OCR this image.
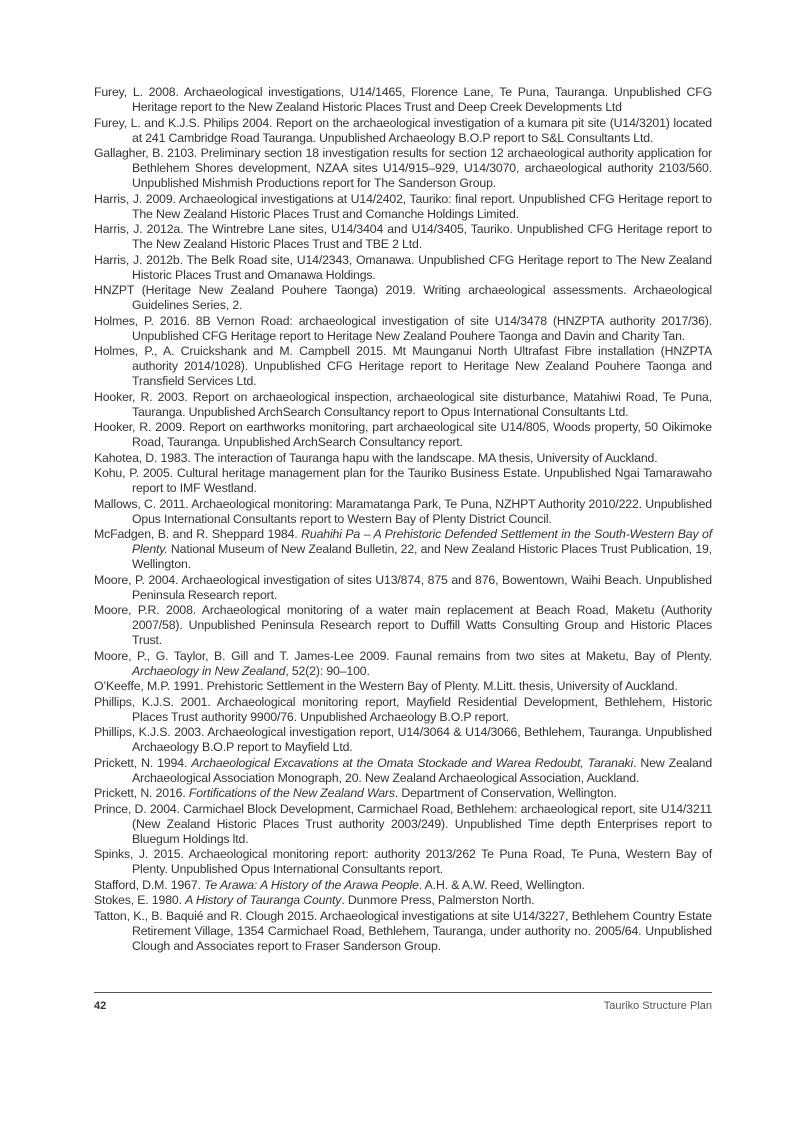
Furey, L. 2008. Archaeological investigations, U14/1465, Florence Lane, Te Puna, Tauranga. Unpublished CFG Heritage report to the New Zealand Historic Places Trust and Deep Creek Developments Ltd

Furey, L. and K.J.S. Philips 2004. Report on the archaeological investigation of a kumara pit site (U14/3201) located at 241 Cambridge Road Tauranga. Unpublished Archaeology B.O.P report to S&L Consultants Ltd.

Gallagher, B. 2103. Preliminary section 18 investigation results for section 12 archaeological authority application for Bethlehem Shores development, NZAA sites U14/915–929, U14/3070, archaeological authority 2103/560. Unpublished Mishmish Productions report for The Sanderson Group.

Harris, J. 2009. Archaeological investigations at U14/2402, Tauriko: final report. Unpublished CFG Heritage report to The New Zealand Historic Places Trust and Comanche Holdings Limited.

Harris, J. 2012a. The Wintrebre Lane sites, U14/3404 and U14/3405, Tauriko. Unpublished CFG Heritage report to The New Zealand Historic Places Trust and TBE 2 Ltd.

Harris, J. 2012b. The Belk Road site, U14/2343, Omanawa. Unpublished CFG Heritage report to The New Zealand Historic Places Trust and Omanawa Holdings.

HNZPT (Heritage New Zealand Pouhere Taonga) 2019. Writing archaeological assessments. Archaeological Guidelines Series, 2.

Holmes, P. 2016. 8B Vernon Road: archaeological investigation of site U14/3478 (HNZPTA authority 2017/36). Unpublished CFG Heritage report to Heritage New Zealand Pouhere Taonga and Davin and Charity Tan.

Holmes, P., A. Cruickshank and M. Campbell 2015. Mt Maunganui North Ultrafast Fibre installation (HNZPTA authority 2014/1028). Unpublished CFG Heritage report to Heritage New Zealand Pouhere Taonga and Transfield Services Ltd.

Hooker, R. 2003. Report on archaeological inspection, archaeological site disturbance, Matahiwi Road, Te Puna, Tauranga. Unpublished ArchSearch Consultancy report to Opus International Consultants Ltd.

Hooker, R. 2009. Report on earthworks monitoring, part archaeological site U14/805, Woods property, 50 Oikimoke Road, Tauranga. Unpublished ArchSearch Consultancy report.

Kahotea, D. 1983. The interaction of Tauranga hapu with the landscape. MA thesis, University of Auckland.

Kohu, P. 2005. Cultural heritage management plan for the Tauriko Business Estate. Unpublished Ngai Tamarawaho report to IMF Westland.

Mallows, C. 2011. Archaeological monitoring: Maramatanga Park, Te Puna, NZHPT Authority 2010/222. Unpublished Opus International Consultants report to Western Bay of Plenty District Council.

McFadgen, B. and R. Sheppard 1984. Ruahihi Pa – A Prehistoric Defended Settlement in the South-Western Bay of Plenty. National Museum of New Zealand Bulletin, 22, and New Zealand Historic Places Trust Publication, 19, Wellington.

Moore, P. 2004. Archaeological investigation of sites U13/874, 875 and 876, Bowentown, Waihi Beach. Unpublished Peninsula Research report.

Moore, P.R. 2008. Archaeological monitoring of a water main replacement at Beach Road, Maketu (Authority 2007/58). Unpublished Peninsula Research report to Duffill Watts Consulting Group and Historic Places Trust.

Moore, P., G. Taylor, B. Gill and T. James-Lee 2009. Faunal remains from two sites at Maketu, Bay of Plenty. Archaeology in New Zealand, 52(2): 90–100.

O’Keeffe, M.P. 1991. Prehistoric Settlement in the Western Bay of Plenty. M.Litt. thesis, University of Auckland.

Phillips, K.J.S. 2001. Archaeological monitoring report, Mayfield Residential Development, Bethlehem, Historic Places Trust authority 9900/76. Unpublished Archaeology B.O.P report.

Phillips, K.J.S. 2003. Archaeological investigation report, U14/3064 & U14/3066, Bethlehem, Tauranga. Unpublished Archaeology B.O.P report to Mayfield Ltd.

Prickett, N. 1994. Archaeological Excavations at the Omata Stockade and Warea Redoubt, Taranaki. New Zealand Archaeological Association Monograph, 20. New Zealand Archaeological Association, Auckland.

Prickett, N. 2016. Fortifications of the New Zealand Wars. Department of Conservation, Wellington.

Prince, D. 2004. Carmichael Block Development, Carmichael Road, Bethlehem: archaeological report, site U14/3211 (New Zealand Historic Places Trust authority 2003/249). Unpublished Time depth Enterprises report to Bluegum Holdings ltd.

Spinks, J. 2015. Archaeological monitoring report: authority 2013/262 Te Puna Road, Te Puna, Western Bay of Plenty. Unpublished Opus International Consultants report.

Stafford, D.M. 1967. Te Arawa: A History of the Arawa People. A.H. & A.W. Reed, Wellington.

Stokes, E. 1980. A History of Tauranga County. Dunmore Press, Palmerston North.

Tatton, K., B. Baquié and R. Clough 2015. Archaeological investigations at site U14/3227, Bethlehem Country Estate Retirement Village, 1354 Carmichael Road, Bethlehem, Tauranga, under authority no. 2005/64. Unpublished Clough and Associates report to Fraser Sanderson Group.

42	Tauriko Structure Plan
